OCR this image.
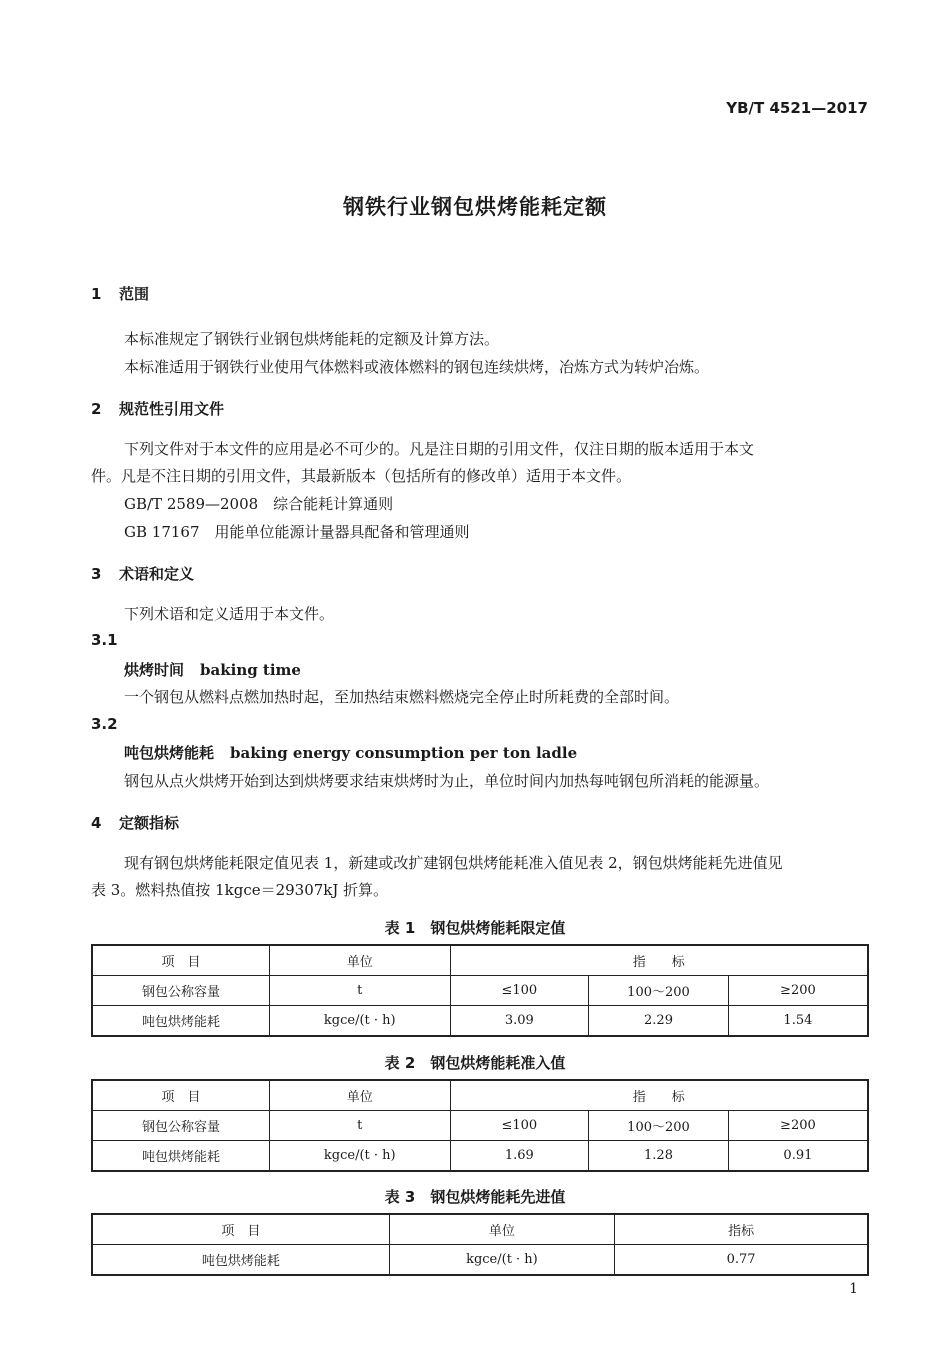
YB/T 4521—2017
钢铁行业钢包烘烤能耗定额
1 范围
本标准规定了钢铁行业钢包烘烤能耗的定额及计算方法。
本标准适用于钢铁行业使用气体燃料或液体燃料的钢包连续烘烤，冶炼方式为转炉冶炼。
2 规范性引用文件
下列文件对于本文件的应用是必不可少的。凡是注日期的引用文件，仅注日期的版本适用于本文
件。凡是不注日期的引用文件，其最新版本（包括所有的修改单）适用于本文件。
GB/T 2589—2008　综合能耗计算通则
GB 17167　用能单位能源计量器具配备和管理通则
3 术语和定义
下列术语和定义适用于本文件。
3.1
烘烤时间 baking time
一个钢包从燃料点燃加热时起，至加热结束燃料燃烧完全停止时所耗费的全部时间。
3.2
吨包烘烤能耗 baking energy consumption per ton ladle
钢包从点火烘烤开始到达到烘烤要求结束烘烤时为止，单位时间内加热每吨钢包所消耗的能源量。
4 定额指标
现有钢包烘烤能耗限定值见表 1，新建或改扩建钢包烘烤能耗准入值见表 2，钢包烘烤能耗先进值见
表 3。燃料热值按 1kgce＝29307kJ 折算。
表 1　钢包烘烤能耗限定值
项　目	单位	指　　标		
钢包公称容量	t	≤100	100～200	≥200
吨包烘烤能耗	kgce/(t · h)	3.09	2.29	1.54
表 2　钢包烘烤能耗准入值
项　目	单位	指　　标		
钢包公称容量	t	≤100	100～200	≥200
吨包烘烤能耗	kgce/(t · h)	1.69	1.28	0.91
表 3　钢包烘烤能耗先进值
项　目	单位	指标
吨包烘烤能耗	kgce/(t · h)	0.77
1
